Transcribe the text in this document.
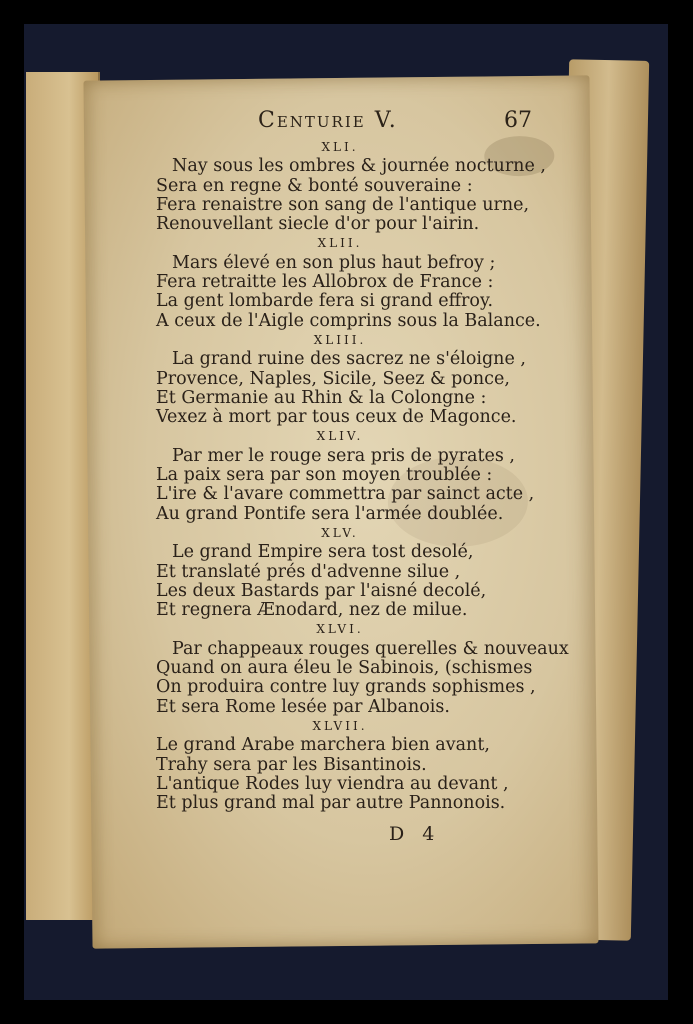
Centurie V.	67
XLI.
Nay sous les ombres & journée nocturne ,
Sera en regne & bonté souveraine :
Fera renaistre son sang de l'antique urne,
Renouvellant siecle d'or pour l'airin.
XLII.
Mars élevé en son plus haut befroy ;
Fera retraitte les Allobrox de France :
La gent lombarde fera si grand effroy.
A ceux de l'Aigle comprins sous la Balance.
XLIII.
La grand ruine des sacrez ne s'éloigne ,
Provence, Naples, Sicile, Seez & ponce,
Et Germanie au Rhin & la Colongne :
Vexez à mort par tous ceux de Magonce.
XLIV.
Par mer le rouge sera pris de pyrates ,
La paix sera par son moyen troublée :
L'ire & l'avare commettra par sainct acte ,
Au grand Pontife sera l'armée doublée.
XLV.
Le grand Empire sera tost desolé,
Et translaté prés d'advenne silue ,
Les deux Bastards par l'aisné decolé,
Et regnera Ænodard, nez de milue.
XLVI.
Par chappeaux rouges querelles & nouveaux
Quand on aura éleu le Sabinois, (schismes
On produira contre luy grands sophismes ,
Et sera Rome lesée par Albanois.
XLVII.
Le grand Arabe marchera bien avant,
Trahy sera par les Bisantinois.
L'antique Rodes luy viendra au devant ,
Et plus grand mal par autre Pannonois.
D 4
